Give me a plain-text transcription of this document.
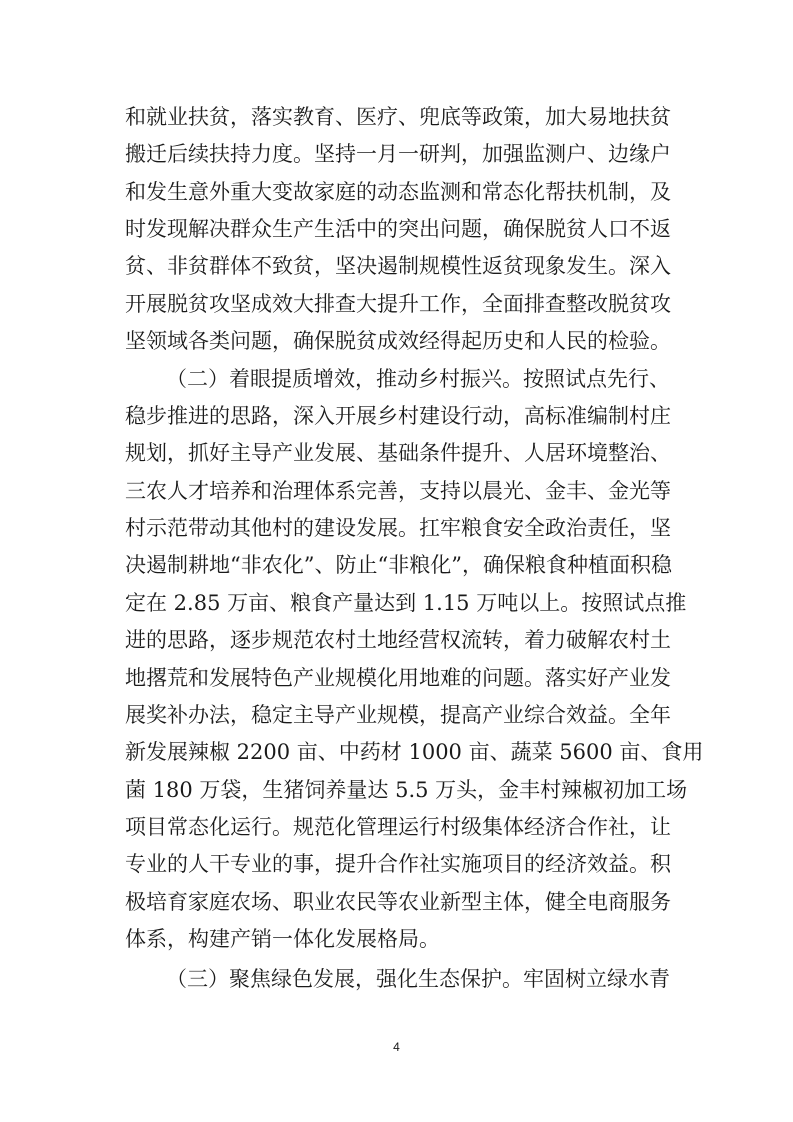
和就业扶贫，落实教育、医疗、兜底等政策，加大易地扶贫
搬迁后续扶持力度。坚持一月一研判，加强监测户、边缘户
和发生意外重大变故家庭的动态监测和常态化帮扶机制，及
时发现解决群众生产生活中的突出问题，确保脱贫人口不返
贫、非贫群体不致贫，坚决遏制规模性返贫现象发生。深入
开展脱贫攻坚成效大排查大提升工作，全面排查整改脱贫攻
坚领域各类问题，确保脱贫成效经得起历史和人民的检验。
（二）着眼提质增效，推动乡村振兴。按照试点先行、
稳步推进的思路，深入开展乡村建设行动，高标准编制村庄
规划，抓好主导产业发展、基础条件提升、人居环境整治、
三农人才培养和治理体系完善，支持以晨光、金丰、金光等
村示范带动其他村的建设发展。扛牢粮食安全政治责任，坚
决遏制耕地“非农化”、防止“非粮化”，确保粮食种植面积稳
定在 2.85 万亩、粮食产量达到 1.15 万吨以上。按照试点推
进的思路，逐步规范农村土地经营权流转，着力破解农村土
地撂荒和发展特色产业规模化用地难的问题。落实好产业发
展奖补办法，稳定主导产业规模，提高产业综合效益。全年
新发展辣椒 2200 亩、中药材 1000 亩、蔬菜 5600 亩、食用
菌 180 万袋，生猪饲养量达 5.5 万头，金丰村辣椒初加工场
项目常态化运行。规范化管理运行村级集体经济合作社，让
专业的人干专业的事，提升合作社实施项目的经济效益。积
极培育家庭农场、职业农民等农业新型主体，健全电商服务
体系，构建产销一体化发展格局。
（三）聚焦绿色发展，强化生态保护。牢固树立绿水青
4
